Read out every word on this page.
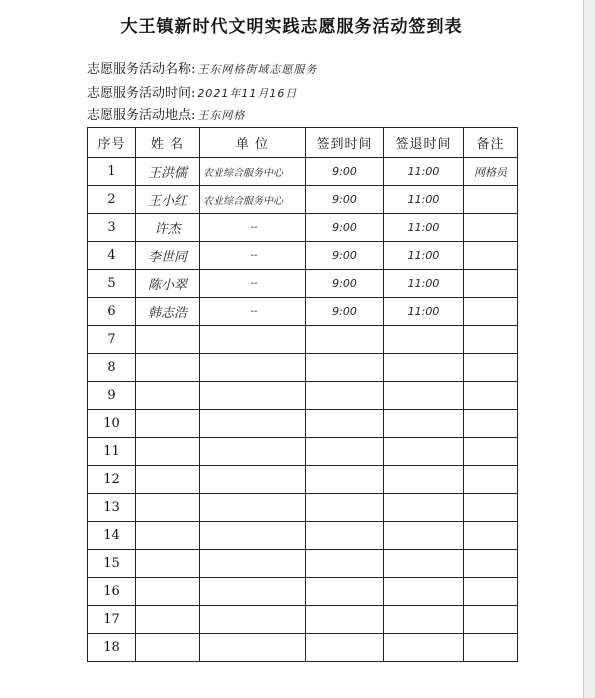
大王镇新时代文明实践志愿服务活动签到表
志愿服务活动名称: 王东网格街域志愿服务
志愿服务活动时间: 2021年11月16日
志愿服务活动地点: 王东网格
序号	姓 名	单 位	签到时间	签退时间	备注
1	王洪儒	农业综合服务中心	9:00	11:00	网格员
2	王小红	农业综合服务中心	9:00	11:00	
3	许杰	--	9:00	11:00	
4	李世同	--	9:00	11:00	
5	陈小翠	--	9:00	11:00	
6	韩志浩	--	9:00	11:00	
7					
8					
9					
10					
11					
12					
13					
14					
15					
16					
17					
18					
